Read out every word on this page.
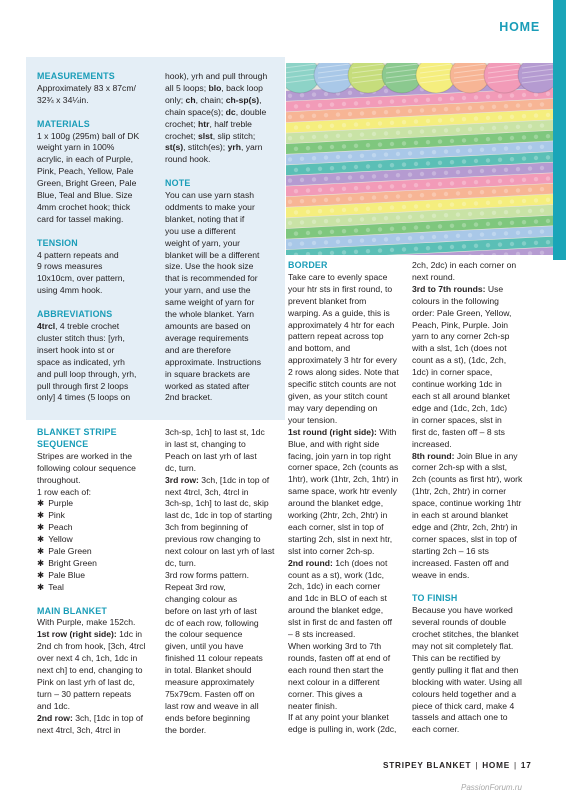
HOME

MEASUREMENTS

Approximately 83 x 87cm/

32¾ x 34¼in.

MATERIALS

1 x 100g (295m) ball of DK

weight yarn in 100%

acrylic, in each of Purple,

Pink, Peach, Yellow, Pale

Green, Bright Green, Pale

Blue, Teal and Blue. Size

4mm crochet hook; thick

card for tassel making.

TENSION

4 pattern repeats and

9 rows measures

10x10cm, over pattern,

using 4mm hook.

ABBREVIATIONS

4trcl, 4 treble crochet

cluster stitch thus: [yrh,

insert hook into st or

space as indicated, yrh

and pull loop through, yrh,

pull through first 2 loops

only] 4 times (5 loops on

hook), yrh and pull through

all 5 loops; blo, back loop

only; ch, chain; ch-sp(s),

chain space(s); dc, double

crochet; htr, half treble

crochet; slst, slip stitch;

st(s), stitch(es); yrh, yarn

round hook.

NOTE

You can use yarn stash

oddments to make your

blanket, noting that if

you use a different

weight of yarn, your

blanket will be a different

size. Use the hook size

that is recommended for

your yarn, and use the

same weight of yarn for

the whole blanket. Yarn

amounts are based on

average requirements

and are therefore

approximate. Instructions

in square brackets are

worked as stated after

2nd bracket.

BLANKET STRIPE

SEQUENCE

Stripes are worked in the

following colour sequence

throughout.

1 row each of:

✱ Purple

✱ Pink

✱ Peach

✱ Yellow

✱ Pale Green

✱ Bright Green

✱ Pale Blue

✱ Teal

MAIN BLANKET

With Purple, make 152ch.

1st row (right side): 1dc in

2nd ch from hook, [3ch, 4trcl

over next 4 ch, 1ch, 1dc in

next ch] to end, changing to

Pink on last yrh of last dc,

turn – 30 pattern repeats

and 1dc.

2nd row: 3ch, [1dc in top of

next 4trcl, 3ch, 4trcl in

3ch-sp, 1ch] to last st, 1dc

in last st, changing to

Peach on last yrh of last

dc, turn.

3rd row: 3ch, [1dc in top of

next 4trcl, 3ch, 4trcl in

3ch-sp, 1ch] to last dc, skip

last dc, 1dc in top of starting

3ch from beginning of

previous row changing to

next colour on last yrh of last

dc, turn.

3rd row forms pattern.

Repeat 3rd row,

changing colour as

before on last yrh of last

dc of each row, following

the colour sequence

given, until you have

finished 11 colour repeats

in total. Blanket should

measure approximately

75x79cm. Fasten off on

last row and weave in all

ends before beginning

the border.

BORDER

Take care to evenly space

your htr sts in first round, to

prevent blanket from

warping. As a guide, this is

approximately 4 htr for each

pattern repeat across top

and bottom, and

approximately 3 htr for every

2 rows along sides. Note that

specific stitch counts are not

given, as your stitch count

may vary depending on

your tension.

1st round (right side): With

Blue, and with right side

facing, join yarn in top right

corner space, 2ch (counts as

1htr), work (1htr, 2ch, 1htr) in

same space, work htr evenly

around the blanket edge,

working (2htr, 2ch, 2htr) in

each corner, slst in top of

starting 2ch, slst in next htr,

slst into corner 2ch-sp.

2nd round: 1ch (does not

count as a st), work (1dc,

2ch, 1dc) in each corner

and 1dc in BLO of each st

around the blanket edge,

slst in first dc and fasten off

– 8 sts increased.

When working 3rd to 7th

rounds, fasten off at end of

each round then start the

next colour in a different

corner. This gives a

neater finish.

If at any point your blanket

edge is pulling in, work (2dc,

2ch, 2dc) in each corner on

next round.

3rd to 7th rounds: Use

colours in the following

order: Pale Green, Yellow,

Peach, Pink, Purple. Join

yarn to any corner 2ch-sp

with a slst, 1ch (does not

count as a st), (1dc, 2ch,

1dc) in corner space,

continue working 1dc in

each st all around blanket

edge and (1dc, 2ch, 1dc)

in corner spaces, slst in

first dc, fasten off – 8 sts

increased.

8th round: Join Blue in any

corner 2ch-sp with a slst,

2ch (counts as first htr), work

(1htr, 2ch, 2htr) in corner

space, continue working 1htr

in each st around blanket

edge and (2htr, 2ch, 2htr) in

corner spaces, slst in top of

starting 2ch – 16 sts

increased. Fasten off and

weave in ends.

TO FINISH

Because you have worked

several rounds of double

crochet stitches, the blanket

may not sit completely flat.

This can be rectified by

gently pulling it flat and then

blocking with water. Using all

colours held together and a

piece of thick card, make 4

tassels and attach one to

each corner.

STRIPEY BLANKET | HOME | 17
PassionForum.ru
